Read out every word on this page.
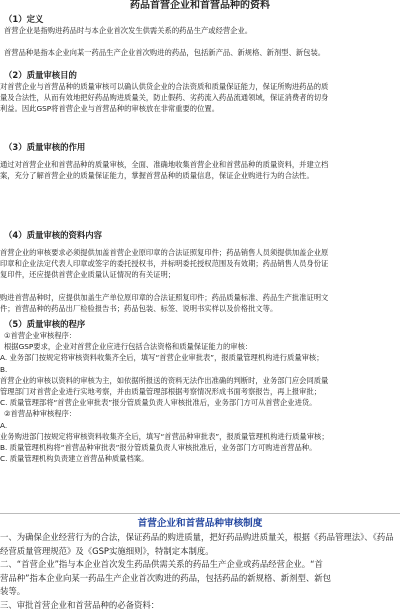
药品首营企业和首营品种的资料
（1）定义
首营企业是指购进药品时与本企业首次发生供需关系的药品生产或经营企业。

首营品种是指本企业向某一药品生产企业首次购进的药品，包括新产品、新规格、新剂型、新包装。
（2）质量审核目的
对首营企业与首营品种的质量审核可以确认供货企业的合法资质和质量保证能力，保证所购进药品的质
量及合法性，从而有效地把好药品购进质量关，防止假药、劣药流入药品流通领域，保证消费者的切身
利益。因此GSP将首营企业与首营品种的审核放在非常重要的位置。
（3）质量审核的作用
通过对首营企业和首营品种的质量审核，全面、准确地收集首营企业和首营品种的质量资料，并建立档
案，充分了解首营企业的质量保证能力，掌握首营品种的质量信息，保证企业购进行为的合法性。
（4）质量审核的资料内容
首营企业的审核要求必须提供加盖首营企业原印章的合法证照复印件；药品销售人员须提供加盖企业原
印章和企业法定代表人印章或签字的委托授权书，并标明委托授权范围及有效期；药品销售人员身份证
复印件，还应提供首营企业质量认证情况的有关证明；

购进首营品种时，应提供加盖生产单位原印章的合法证照复印件；药品质量标准、药品生产批准证明文
件；首营品种的药品出厂检验报告书；药品包装、标签、说明书实样以及价格批文等。
（5）质量审核的程序
①首营企业审核程序：
根据GSP要求，企业对首营企业应进行包括合法资格和质量保证能力的审核：
A. 业务部门按规定将审核资料收集齐全后，填写“首营企业审批表”，报质量管理机构进行质量审核；
B.
首营企业的审核以资料的审核为主，如依据所报送的资料无法作出准确的判断时，业务部门应会同质量
管理部门对首营企业进行实地考察，并由质量管理部根据考察情况形成书面考察报告，再上报审批；
C. 质量管理部将“首营企业审批表”报分管质量负责人审核批准后，业务部门方可从首营企业进货。
②首营品种审核程序：
A.
业务购进部门按规定将审核资料收集齐全后，填写“首营品种审批表”，报质量管理机构进行质量审核；
B. 质量管理机构将“首营品种审批表”报分管质量负责人审核批准后，业务部门方可购进首营品种。
C. 质量管理机构负责建立首营品种质量档案。
首营企业和首营品种审核制度
一、为确保企业经营行为的合法，保证药品的购进质量，把好药品购进质量关，根据《药品管理法》、《药品
经营质量管理规范》及《GSP实施细则》，特制定本制度。
二、“首营企业”指与本企业首次发生药品供需关系的药品生产企业或药品经营企业。“首
营品种”指本企业向某一药品生产企业首次购进的药品，包括药品的新规格、新剂型、新包
装等。
三、审批首营企业和首营品种的必备资料：
